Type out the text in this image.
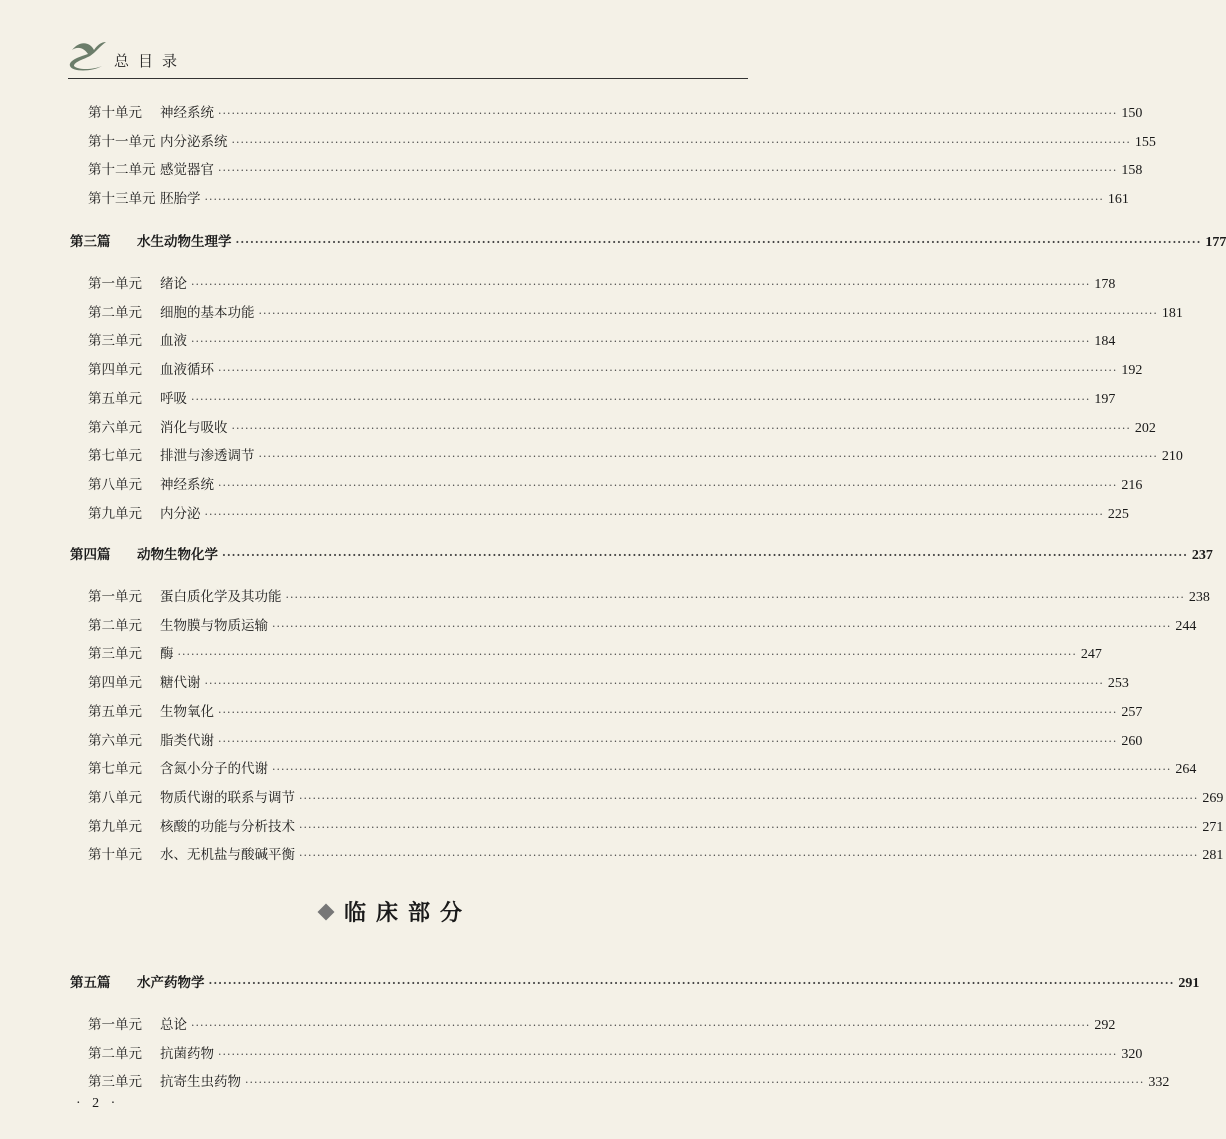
总目录
第十单元 神经系统 ········································································································································································································ 150
第十一单元 内分泌系统 ········································································································································································································ 155
第十二单元 感觉器官 ········································································································································································································ 158
第十三单元 胚胎学 ········································································································································································································ 161
第三篇 水生动物生理学 ········································································································································································································ 177
第一单元 绪论 ········································································································································································································ 178
第二单元 细胞的基本功能 ········································································································································································································ 181
第三单元 血液 ········································································································································································································ 184
第四单元 血液循环 ········································································································································································································ 192
第五单元 呼吸 ········································································································································································································ 197
第六单元 消化与吸收 ········································································································································································································ 202
第七单元 排泄与渗透调节 ········································································································································································································ 210
第八单元 神经系统 ········································································································································································································ 216
第九单元 内分泌 ········································································································································································································ 225
第四篇 动物生物化学 ········································································································································································································ 237
第一单元 蛋白质化学及其功能 ········································································································································································································ 238
第二单元 生物膜与物质运输 ········································································································································································································ 244
第三单元 酶 ········································································································································································································ 247
第四单元 糖代谢 ········································································································································································································ 253
第五单元 生物氧化 ········································································································································································································ 257
第六单元 脂类代谢 ········································································································································································································ 260
第七单元 含氮小分子的代谢 ········································································································································································································ 264
第八单元 物质代谢的联系与调节 ········································································································································································································ 269
第九单元 核酸的功能与分析技术 ········································································································································································································ 271
第十单元 水、无机盐与酸碱平衡 ········································································································································································································ 281
第五篇 水产药物学 ········································································································································································································ 291
第一单元 总论 ········································································································································································································ 292
第二单元 抗菌药物 ········································································································································································································ 320
第三单元 抗寄生虫药物 ········································································································································································································ 332
临床部分
· 2 ·
